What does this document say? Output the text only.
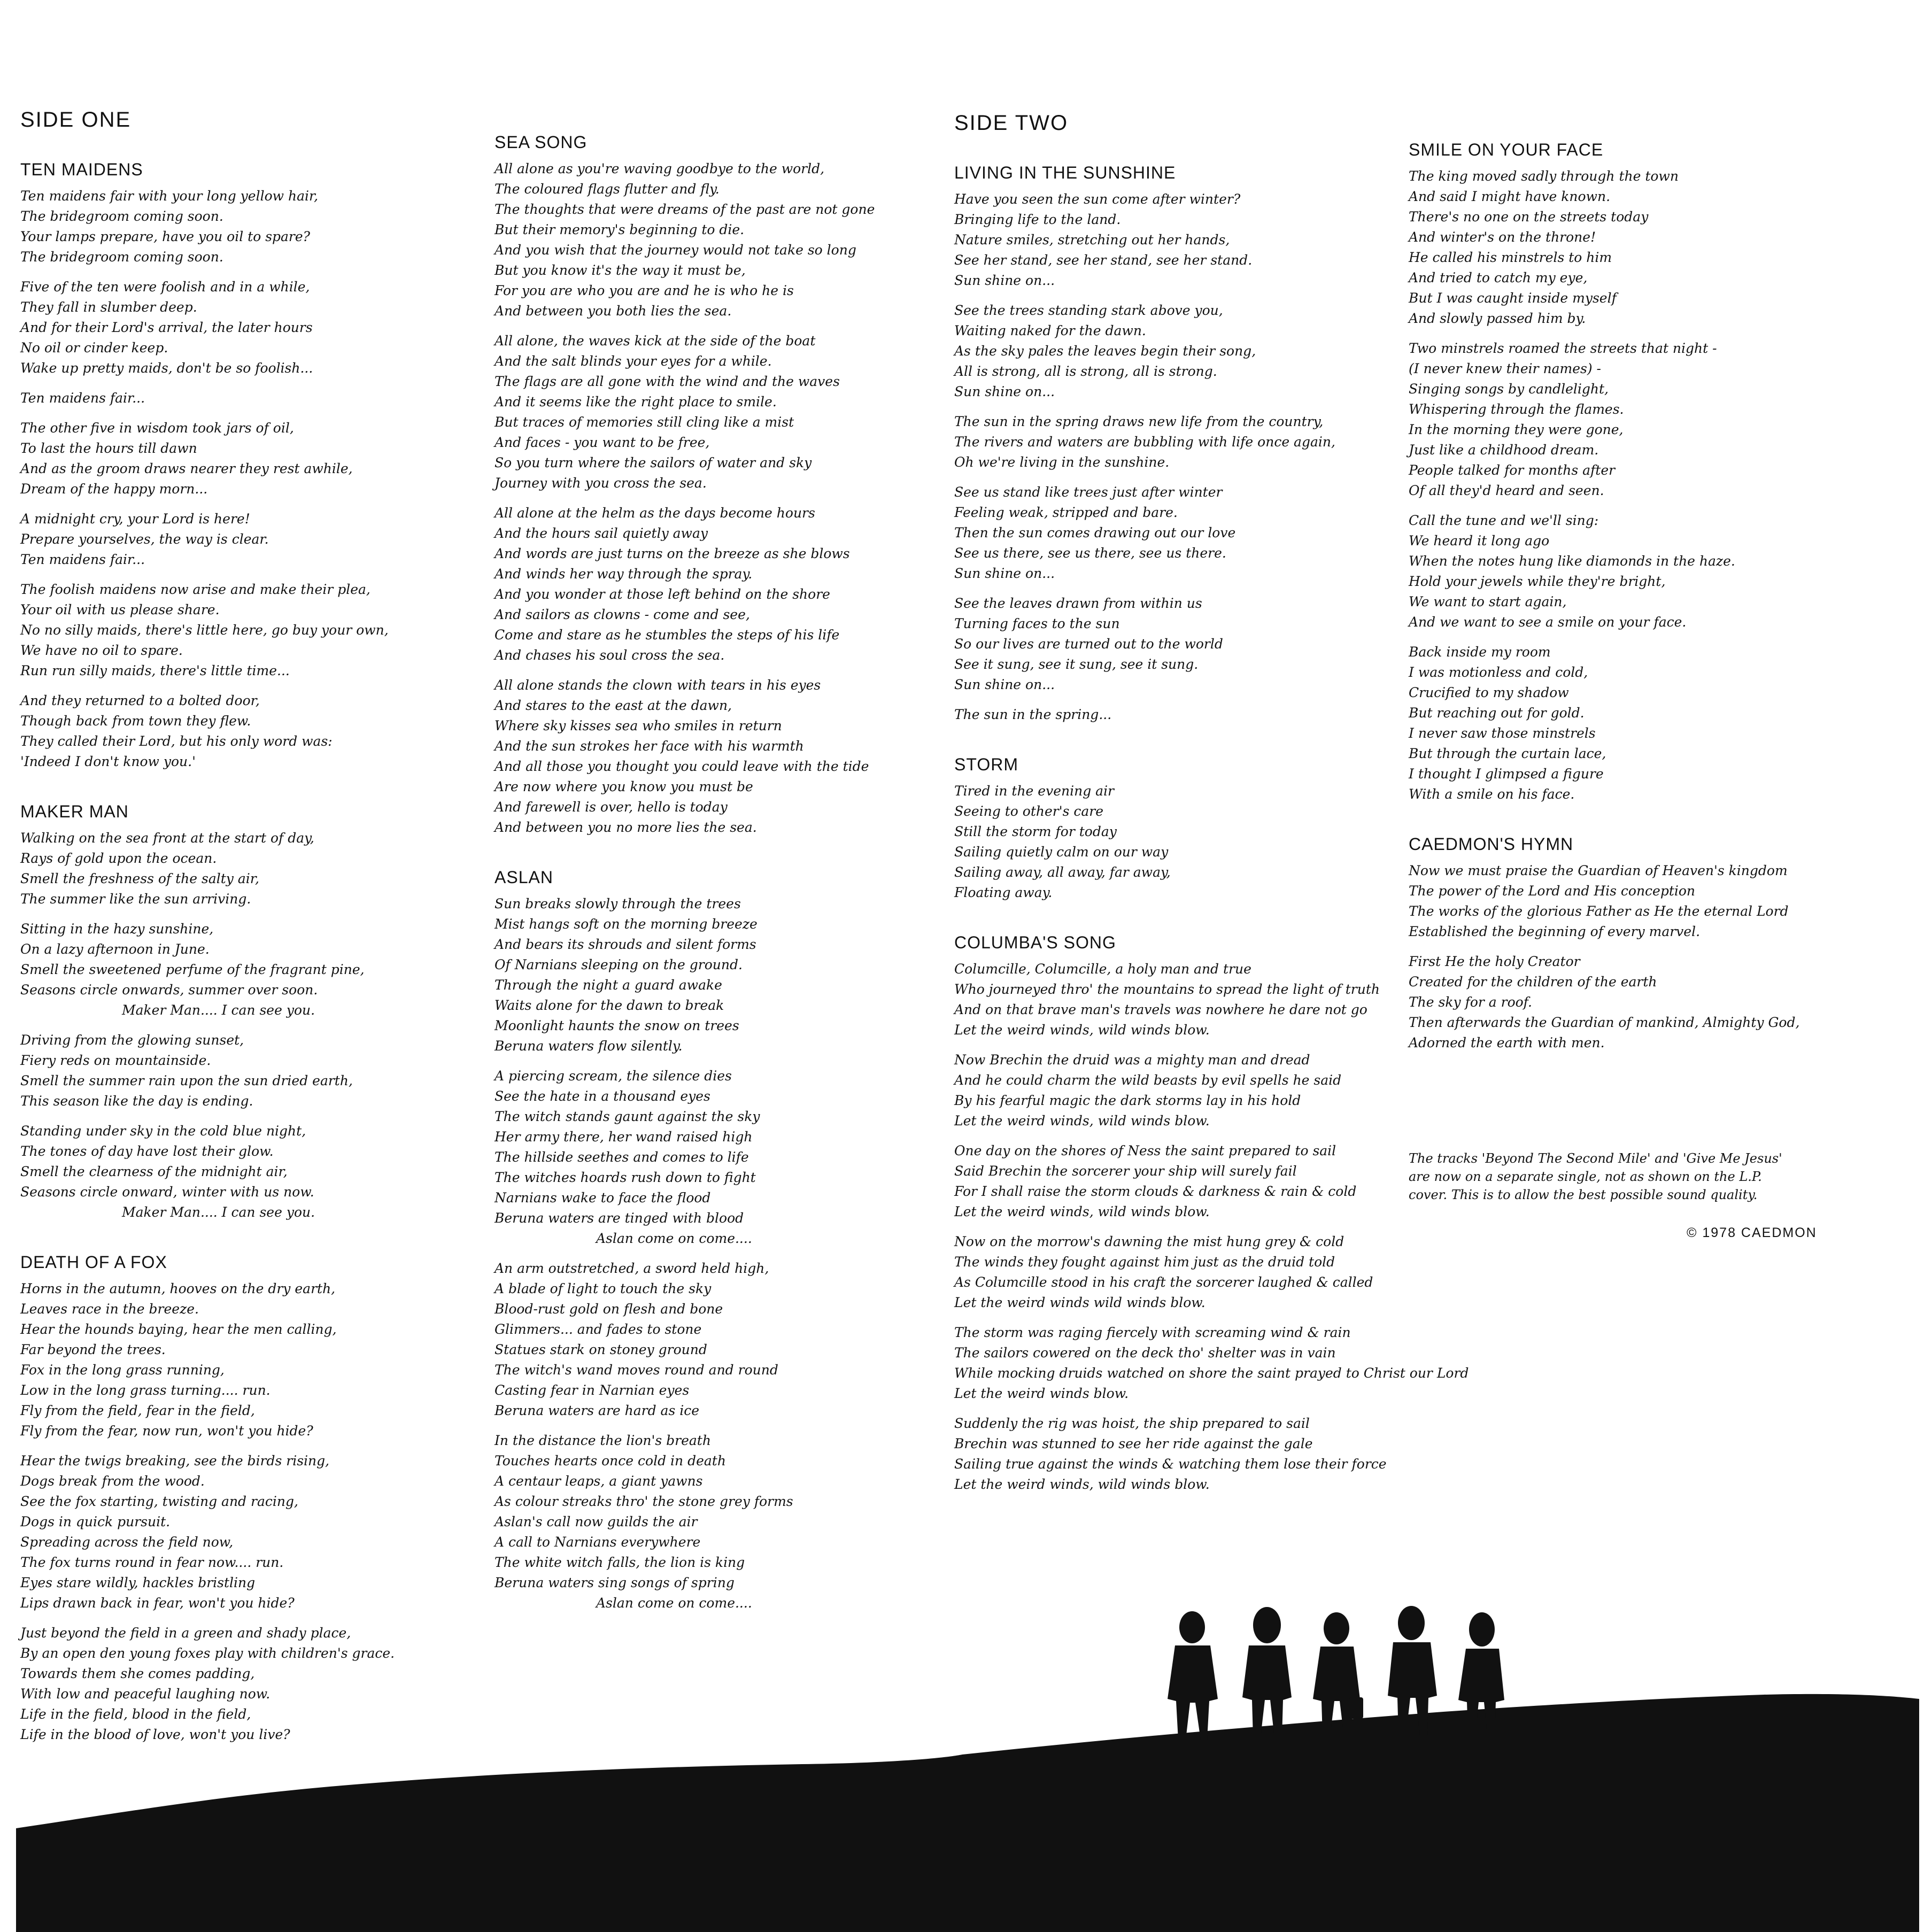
SIDE ONE
TEN MAIDENS
Ten maidens fair with your long yellow hair,
The bridegroom coming soon.
Your lamps prepare, have you oil to spare?
The bridegroom coming soon.
Five of the ten were foolish and in a while,
They fall in slumber deep.
And for their Lord's arrival, the later hours
No oil or cinder keep.
Wake up pretty maids, don't be so foolish...
Ten maidens fair...
The other five in wisdom took jars of oil,
To last the hours till dawn
And as the groom draws nearer they rest awhile,
Dream of the happy morn...
A midnight cry, your Lord is here!
Prepare yourselves, the way is clear.
Ten maidens fair...
The foolish maidens now arise and make their plea,
Your oil with us please share.
No no silly maids, there's little here, go buy your own,
We have no oil to spare.
Run run silly maids, there's little time...
And they returned to a bolted door,
Though back from town they flew.
They called their Lord, but his only word was:
'Indeed I don't know you.'
MAKER MAN
Walking on the sea front at the start of day,
Rays of gold upon the ocean.
Smell the freshness of the salty air,
The summer like the sun arriving.
Sitting in the hazy sunshine,
On a lazy afternoon in June.
Smell the sweetened perfume of the fragrant pine,
Seasons circle onwards, summer over soon.
Maker Man.... I can see you.
Driving from the glowing sunset,
Fiery reds on mountainside.
Smell the summer rain upon the sun dried earth,
This season like the day is ending.
Standing under sky in the cold blue night,
The tones of day have lost their glow.
Smell the clearness of the midnight air,
Seasons circle onward, winter with us now.
Maker Man.... I can see you.
DEATH OF A FOX
Horns in the autumn, hooves on the dry earth,
Leaves race in the breeze.
Hear the hounds baying, hear the men calling,
Far beyond the trees.
Fox in the long grass running,
Low in the long grass turning.... run.
Fly from the field, fear in the field,
Fly from the fear, now run, won't you hide?
Hear the twigs breaking, see the birds rising,
Dogs break from the wood.
See the fox starting, twisting and racing,
Dogs in quick pursuit.
Spreading across the field now,
The fox turns round in fear now.... run.
Eyes stare wildly, hackles bristling
Lips drawn back in fear, won't you hide?
Just beyond the field in a green and shady place,
By an open den young foxes play with children's grace.
Towards them she comes padding,
With low and peaceful laughing now.
Life in the field, blood in the field,
Life in the blood of love, won't you live?
SEA SONG
All alone as you're waving goodbye to the world,
The coloured flags flutter and fly.
The thoughts that were dreams of the past are not gone
But their memory's beginning to die.
And you wish that the journey would not take so long
But you know it's the way it must be,
For you are who you are and he is who he is
And between you both lies the sea.
All alone, the waves kick at the side of the boat
And the salt blinds your eyes for a while.
The flags are all gone with the wind and the waves
And it seems like the right place to smile.
But traces of memories still cling like a mist
And faces - you want to be free,
So you turn where the sailors of water and sky
Journey with you cross the sea.
All alone at the helm as the days become hours
And the hours sail quietly away
And words are just turns on the breeze as she blows
And winds her way through the spray.
And you wonder at those left behind on the shore
And sailors as clowns - come and see,
Come and stare as he stumbles the steps of his life
And chases his soul cross the sea.
All alone stands the clown with tears in his eyes
And stares to the east at the dawn,
Where sky kisses sea who smiles in return
And the sun strokes her face with his warmth
And all those you thought you could leave with the tide
Are now where you know you must be
And farewell is over, hello is today
And between you no more lies the sea.
ASLAN
Sun breaks slowly through the trees
Mist hangs soft on the morning breeze
And bears its shrouds and silent forms
Of Narnians sleeping on the ground.
Through the night a guard awake
Waits alone for the dawn to break
Moonlight haunts the snow on trees
Beruna waters flow silently.
A piercing scream, the silence dies
See the hate in a thousand eyes
The witch stands gaunt against the sky
Her army there, her wand raised high
The hillside seethes and comes to life
The witches hoards rush down to fight
Narnians wake to face the flood
Beruna waters are tinged with blood
Aslan come on come....
An arm outstretched, a sword held high,
A blade of light to touch the sky
Blood-rust gold on flesh and bone
Glimmers... and fades to stone
Statues stark on stoney ground
The witch's wand moves round and round
Casting fear in Narnian eyes
Beruna waters are hard as ice
In the distance the lion's breath
Touches hearts once cold in death
A centaur leaps, a giant yawns
As colour streaks thro' the stone grey forms
Aslan's call now guilds the air
A call to Narnians everywhere
The white witch falls, the lion is king
Beruna waters sing songs of spring
Aslan come on come....
SIDE TWO
LIVING IN THE SUNSHINE
Have you seen the sun come after winter?
Bringing life to the land.
Nature smiles, stretching out her hands,
See her stand, see her stand, see her stand.
Sun shine on...
See the trees standing stark above you,
Waiting naked for the dawn.
As the sky pales the leaves begin their song,
All is strong, all is strong, all is strong.
Sun shine on...
The sun in the spring draws new life from the country,
The rivers and waters are bubbling with life once again,
Oh we're living in the sunshine.
See us stand like trees just after winter
Feeling weak, stripped and bare.
Then the sun comes drawing out our love
See us there, see us there, see us there.
Sun shine on...
See the leaves drawn from within us
Turning faces to the sun
So our lives are turned out to the world
See it sung, see it sung, see it sung.
Sun shine on...
The sun in the spring...
STORM
Tired in the evening air
Seeing to other's care
Still the storm for today
Sailing quietly calm on our way
Sailing away, all away, far away,
Floating away.
COLUMBA'S SONG
Columcille, Columcille, a holy man and true
Who journeyed thro' the mountains to spread the light of truth
And on that brave man's travels was nowhere he dare not go
Let the weird winds, wild winds blow.
Now Brechin the druid was a mighty man and dread
And he could charm the wild beasts by evil spells he said
By his fearful magic the dark storms lay in his hold
Let the weird winds, wild winds blow.
One day on the shores of Ness the saint prepared to sail
Said Brechin the sorcerer your ship will surely fail
For I shall raise the storm clouds & darkness & rain & cold
Let the weird winds, wild winds blow.
Now on the morrow's dawning the mist hung grey & cold
The winds they fought against him just as the druid told
As Columcille stood in his craft the sorcerer laughed & called
Let the weird winds wild winds blow.
The storm was raging fiercely with screaming wind & rain
The sailors cowered on the deck tho' shelter was in vain
While mocking druids watched on shore the saint prayed to Christ our Lord
Let the weird winds blow.
Suddenly the rig was hoist, the ship prepared to sail
Brechin was stunned to see her ride against the gale
Sailing true against the winds & watching them lose their force
Let the weird winds, wild winds blow.
SMILE ON YOUR FACE
The king moved sadly through the town
And said I might have known.
There's no one on the streets today
And winter's on the throne!
He called his minstrels to him
And tried to catch my eye,
But I was caught inside myself
And slowly passed him by.
Two minstrels roamed the streets that night -
(I never knew their names) -
Singing songs by candlelight,
Whispering through the flames.
In the morning they were gone,
Just like a childhood dream.
People talked for months after
Of all they'd heard and seen.
Call the tune and we'll sing:
We heard it long ago
When the notes hung like diamonds in the haze.
Hold your jewels while they're bright,
We want to start again,
And we want to see a smile on your face.
Back inside my room
I was motionless and cold,
Crucified to my shadow
But reaching out for gold.
I never saw those minstrels
But through the curtain lace,
I thought I glimpsed a figure
With a smile on his face.
CAEDMON'S HYMN
Now we must praise the Guardian of Heaven's kingdom
The power of the Lord and His conception
The works of the glorious Father as He the eternal Lord
Established the beginning of every marvel.
First He the holy Creator
Created for the children of the earth
The sky for a roof.
Then afterwards the Guardian of mankind, Almighty God,
Adorned the earth with men.
The tracks 'Beyond The Second Mile' and 'Give Me Jesus'
are now on a separate single, not as shown on the L.P.
cover. This is to allow the best possible sound quality.
© 1978 CAEDMON
